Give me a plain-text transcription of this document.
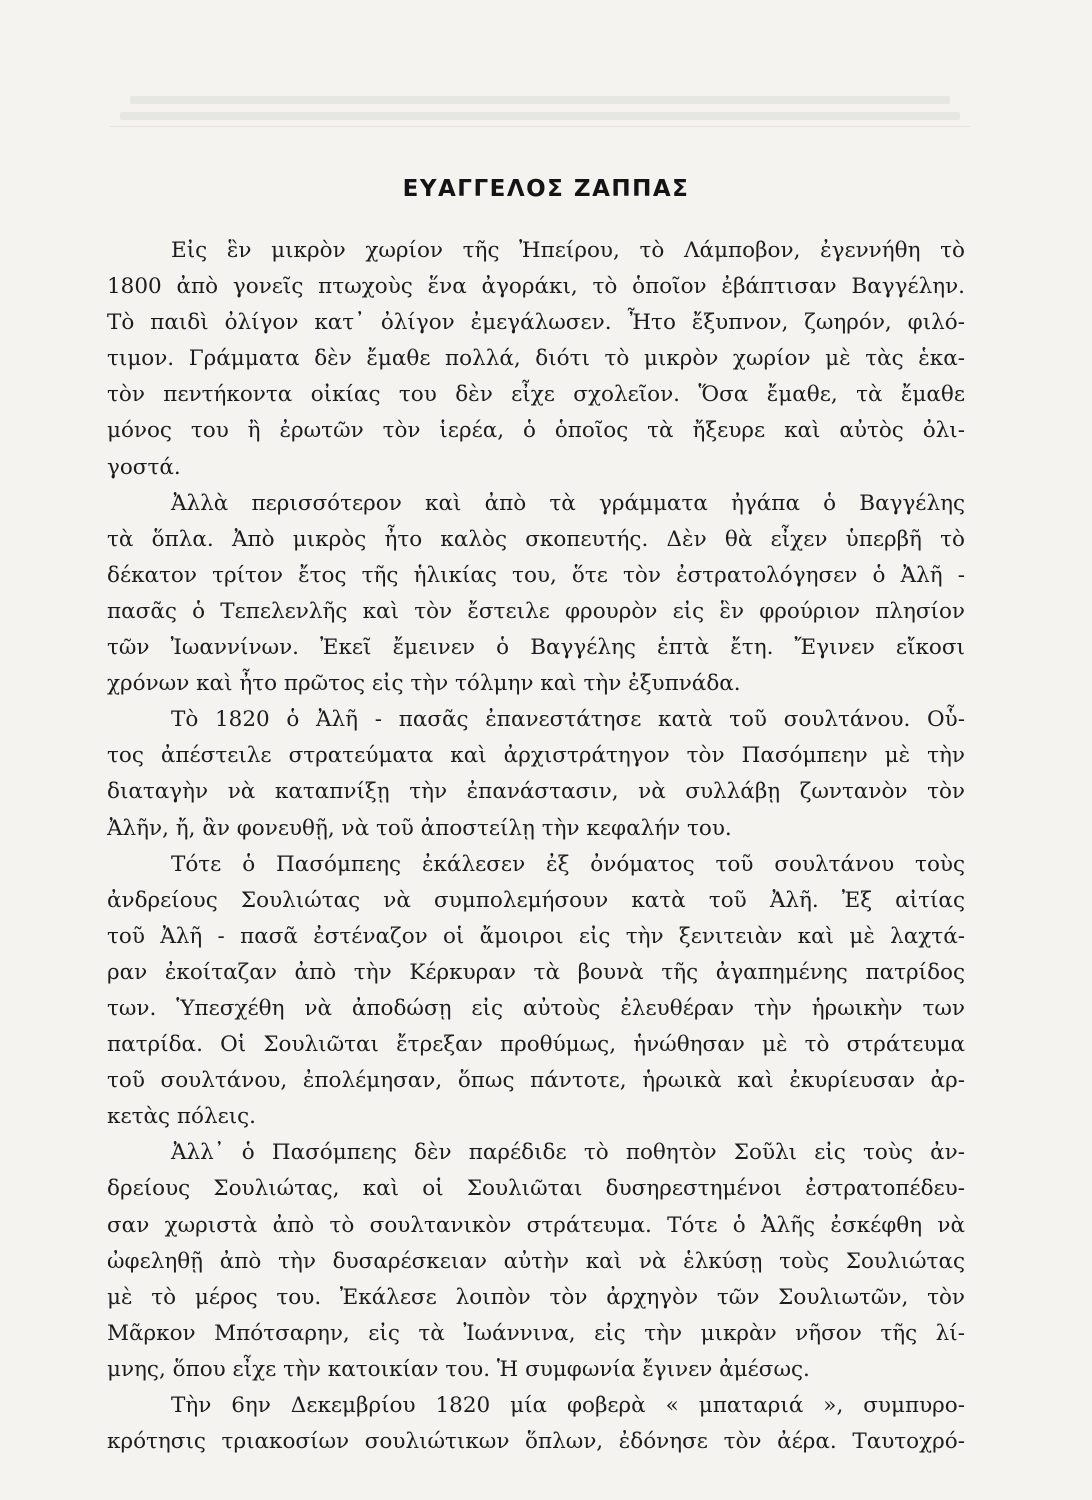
ΕΥΑΓΓΕΛΟΣ ΖΑΠΠΑΣ
Εἰς ἓν μικρὸν χωρίον τῆς Ἠπείρου, τὸ Λάμποβον, ἐγεννήθη τὸ
1800 ἀπὸ γονεῖς πτωχοὺς ἕνα ἀγοράκι, τὸ ὁποῖον ἐβάπτισαν Βαγγέλην.
Τὸ παιδὶ ὀλίγον κατ᾽ ὀλίγον ἐμεγάλωσεν. Ἦτο ἔξυπνον, ζωηρόν, φιλό-
τιμον. Γράμματα δὲν ἔμαθε πολλά, διότι τὸ μικρὸν χωρίον μὲ τὰς ἑκα-
τὸν πεντήκοντα οἰκίας του δὲν εἶχε σχολεῖον. Ὅσα ἔμαθε, τὰ ἔμαθε
μόνος του ἢ ἐρωτῶν τὸν ἱερέα, ὁ ὁποῖος τὰ ἤξευρε καὶ αὐτὸς ὀλι-
γοστά.
Ἀλλὰ περισσότερον καὶ ἀπὸ τὰ γράμματα ἠγάπα ὁ Βαγγέλης
τὰ ὅπλα. Ἀπὸ μικρὸς ἦτο καλὸς σκοπευτής. Δὲν θὰ εἶχεν ὑπερβῆ τὸ
δέκατον τρίτον ἔτος τῆς ἡλικίας του, ὅτε τὸν ἐστρατολόγησεν ὁ Ἀλῆ -
πασᾶς ὁ Τεπελενλῆς καὶ τὸν ἔστειλε φρουρὸν εἰς ἓν φρούριον πλησίον
τῶν Ἰωαννίνων. Ἐκεῖ ἔμεινεν ὁ Βαγγέλης ἑπτὰ ἔτη. Ἔγινεν εἴκοσι
χρόνων καὶ ἦτο πρῶτος εἰς τὴν τόλμην καὶ τὴν ἐξυπνάδα.
Τὸ 1820 ὁ Ἀλῆ - πασᾶς ἐπανεστάτησε κατὰ τοῦ σουλτάνου. Οὗ-
τος ἀπέστειλε στρατεύματα καὶ ἀρχιστράτηγον τὸν Πασόμπεην μὲ τὴν
διαταγὴν νὰ καταπνίξῃ τὴν ἐπανάστασιν, νὰ συλλάβῃ ζωντανὸν τὸν
Ἀλῆν, ἤ, ἂν φονευθῇ, νὰ τοῦ ἀποστείλῃ τὴν κεφαλήν του.
Τότε ὁ Πασόμπεης ἐκάλεσεν ἐξ ὀνόματος τοῦ σουλτάνου τοὺς
ἀνδρείους Σουλιώτας νὰ συμπολεμήσουν κατὰ τοῦ Ἀλῆ. Ἐξ αἰτίας
τοῦ Ἀλῆ - πασᾶ ἐστέναζον οἱ ἄμοιροι εἰς τὴν ξενιτειὰν καὶ μὲ λαχτά-
ραν ἐκοίταζαν ἀπὸ τὴν Κέρκυραν τὰ βουνὰ τῆς ἀγαπημένης πατρίδος
των. Ὑπεσχέθη νὰ ἀποδώσῃ εἰς αὐτοὺς ἐλευθέραν τὴν ἡρωικὴν των
πατρίδα. Οἱ Σουλιῶται ἔτρεξαν προθύμως, ἡνώθησαν μὲ τὸ στράτευμα
τοῦ σουλτάνου, ἐπολέμησαν, ὅπως πάντοτε, ἡρωικὰ καὶ ἐκυρίευσαν ἀρ-
κετὰς πόλεις.
Ἀλλ᾽ ὁ Πασόμπεης δὲν παρέδιδε τὸ ποθητὸν Σοῦλι εἰς τοὺς ἀν-
δρείους Σουλιώτας, καὶ οἱ Σουλιῶται δυσηρεστημένοι ἐστρατοπέδευ-
σαν χωριστὰ ἀπὸ τὸ σουλτανικὸν στράτευμα. Τότε ὁ Ἀλῆς ἐσκέφθη νὰ
ὠφεληθῇ ἀπὸ τὴν δυσαρέσκειαν αὐτὴν καὶ νὰ ἑλκύσῃ τοὺς Σουλιώτας
μὲ τὸ μέρος του. Ἐκάλεσε λοιπὸν τὸν ἀρχηγὸν τῶν Σουλιωτῶν, τὸν
Μᾶρκον Μπότσαρην, εἰς τὰ Ἰωάννινα, εἰς τὴν μικρὰν νῆσον τῆς λί-
μνης, ὅπου εἶχε τὴν κατοικίαν του. Ἡ συμφωνία ἔγινεν ἀμέσως.
Τὴν 6ην Δεκεμβρίου 1820 μία φοβερὰ « μπαταριά », συμπυρο-
κρότησις τριακοσίων σουλιώτικων ὅπλων, ἐδόνησε τὸν ἀέρα. Ταυτοχρό-
